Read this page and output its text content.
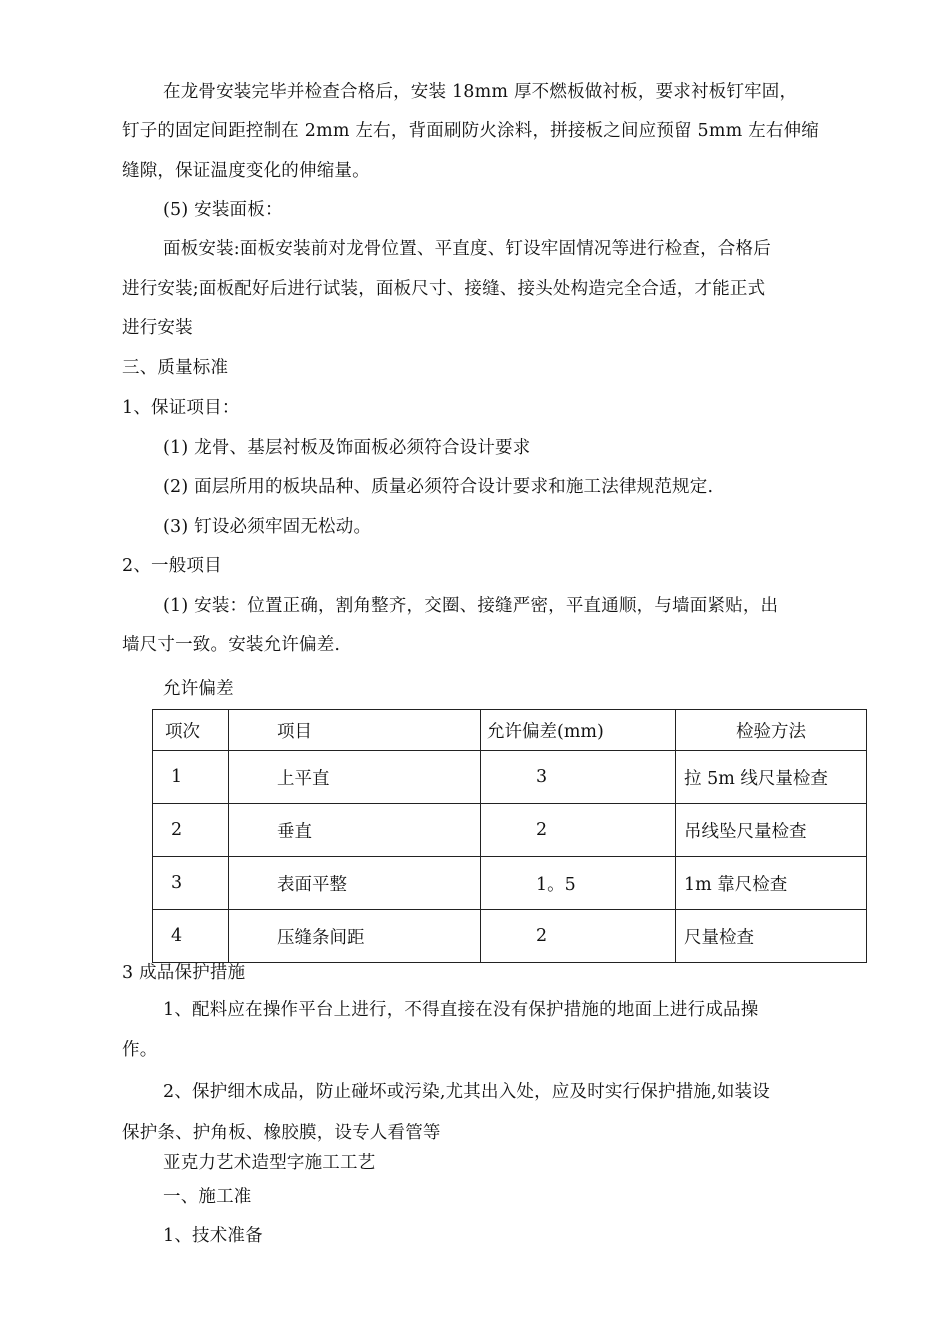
在龙骨安装完毕并检查合格后，安装 18mm 厚不燃板做衬板，要求衬板钉牢固，
钉子的固定间距控制在 2mm 左右，背面刷防火涂料，拼接板之间应预留 5mm 左右伸缩
缝隙，保证温度变化的伸缩量。
(5) 安装面板：
面板安装:面板安装前对龙骨位置、平直度、钉设牢固情况等进行检查，合格后
进行安装;面板配好后进行试装，面板尺寸、接缝、接头处构造完全合适，才能正式
进行安装
三、质量标准
1、保证项目：
(1) 龙骨、基层衬板及饰面板必须符合设计要求
(2) 面层所用的板块品种、质量必须符合设计要求和施工法律规范规定.
(3) 钉设必须牢固无松动。
2、一般项目
(1) 安装：位置正确，割角整齐，交圈、接缝严密，平直通顺，与墙面紧贴，出
墙尺寸一致。安装允许偏差.
允许偏差
项次	项目	允许偏差(mm)	检验方法
1	上平直	3	拉 5m 线尺量检查
2	垂直	2	吊线坠尺量检查
3	表面平整	1。5	1m 靠尺检查
4	压缝条间距	2	尺量检查
3 成品保护措施
1、配料应在操作平台上进行，不得直接在没有保护措施的地面上进行成品操
作。
2、保护细木成品，防止碰坏或污染,尤其出入处，应及时实行保护措施,如装设
保护条、护角板、橡胶膜，设专人看管等
亚克力艺术造型字施工工艺
一、施工准
1、技术准备
